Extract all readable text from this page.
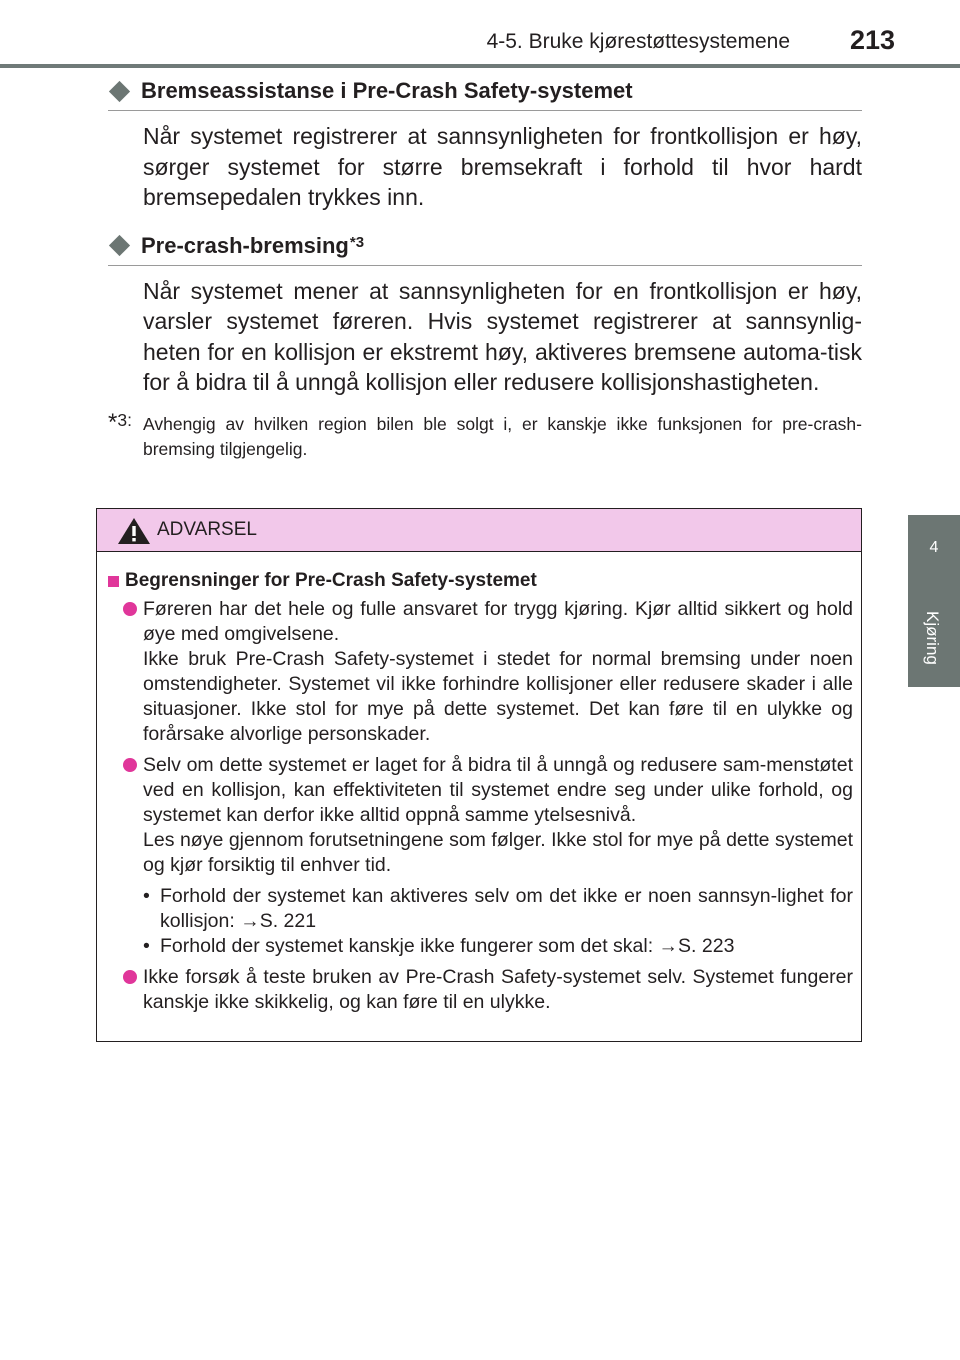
4-5. Bruke kjørestøttesystemene 213
4
Kjøring
Bremseassistanse i Pre-Crash Safety-systemet
Når systemet registrerer at sannsynligheten for frontkollisjon er høy, sørger systemet for større bremsekraft i forhold til hvor hardt bremsepedalen trykkes inn.
Pre-crash-bremsing$^{*3}$
Når systemet mener at sannsynligheten for en frontkollisjon er høy, varsler systemet føreren. Hvis systemet registrerer at sannsynlig-heten for en kollisjon er ekstremt høy, aktiveres bremsene automa-tisk for å bidra til å unngå kollisjon eller redusere kollisjonshastigheten.
*3: Avhengig av hvilken region bilen ble solgt i, er kanskje ikke funksjonen for pre-crash-bremsing tilgjengelig.
ADVARSEL
Begrensninger for Pre-Crash Safety-systemet

Føreren har det hele og fulle ansvaret for trygg kjøring. Kjør alltid sikkert og hold øye med omgivelsene.

Ikke bruk Pre-Crash Safety-systemet i stedet for normal bremsing under noen omstendigheter. Systemet vil ikke forhindre kollisjoner eller redusere skader i alle situasjoner. Ikke stol for mye på dette systemet. Det kan føre til en ulykke og forårsake alvorlige personskader.

Selv om dette systemet er laget for å bidra til å unngå og redusere sam-menstøtet ved en kollisjon, kan effektiviteten til systemet endre seg under ulike forhold, og systemet kan derfor ikke alltid oppnå samme ytelsesnivå.

Les nøye gjennom forutsetningene som følger. Ikke stol for mye på dette systemet og kjør forsiktig til enhver tid.

• Forhold der systemet kan aktiveres selv om det ikke er noen sannsyn-lighet for kollisjon: →S. 221
• Forhold der systemet kanskje ikke fungerer som det skal: →S. 223

Ikke forsøk å teste bruken av Pre-Crash Safety-systemet selv. Systemet fungerer kanskje ikke skikkelig, og kan føre til en ulykke.
